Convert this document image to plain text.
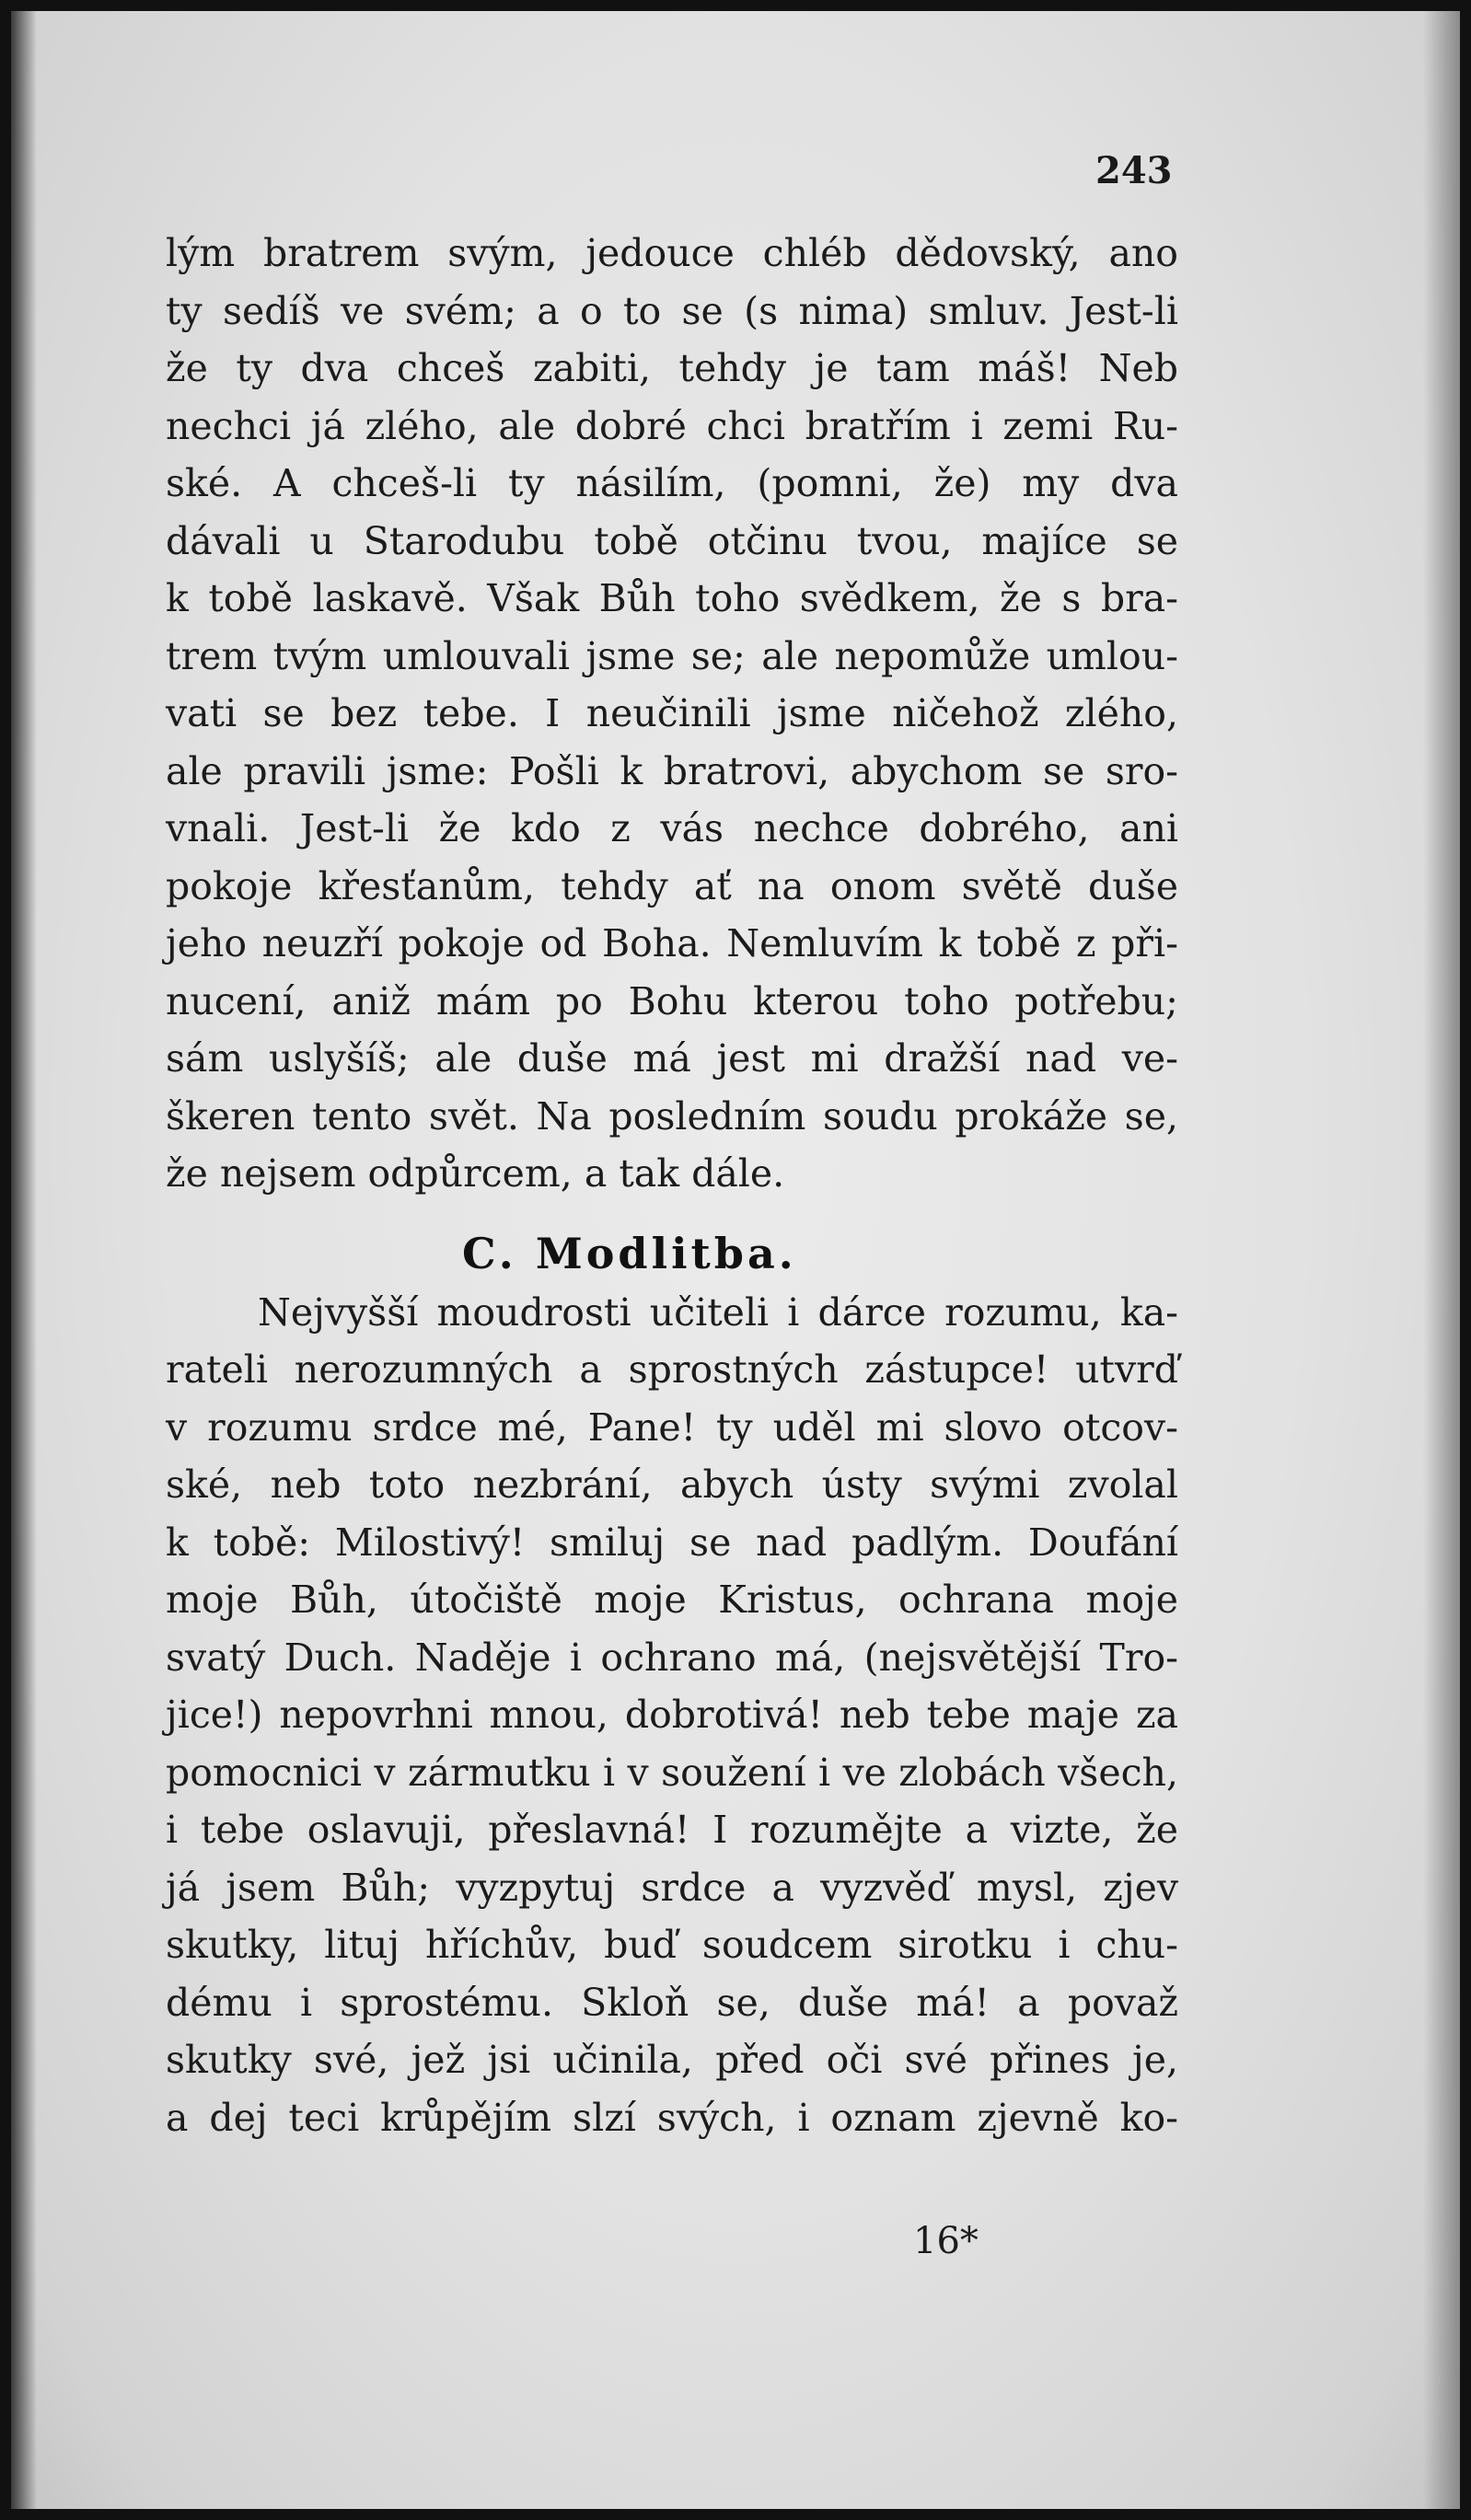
243
lým bratrem svým, jedouce chléb dědovský, ano
ty sedíš ve svém; a o to se (s nima) smluv. Jest-li
že ty dva chceš zabiti, tehdy je tam máš! Neb
nechci já zlého, ale dobré chci bratřím i zemi Ru-
ské. A chceš-li ty násilím, (pomni, že) my dva
dávali u Starodubu tobě otčinu tvou, majíce se
k tobě laskavě. Však Bůh toho svědkem, že s bra-
trem tvým umlouvali jsme se; ale nepomůže umlou-
vati se bez tebe. I neučinili jsme ničehož zlého,
ale pravili jsme: Pošli k bratrovi, abychom se sro-
vnali. Jest-li že kdo z vás nechce dobrého, ani
pokoje křesťanům, tehdy ať na onom světě duše
jeho neuzří pokoje od Boha. Nemluvím k tobě z při-
nucení, aniž mám po Bohu kterou toho potřebu;
sám uslyšíš; ale duše má jest mi dražší nad ve-
škeren tento svět. Na posledním soudu prokáže se,
že nejsem odpůrcem, a tak dále.
C. Modlitba.
Nejvyšší moudrosti učiteli i dárce rozumu, ka-
rateli nerozumných a sprostných zástupce! utvrď
v rozumu srdce mé, Pane! ty uděl mi slovo otcov-
ské, neb toto nezbrání, abych ústy svými zvolal
k tobě: Milostivý! smiluj se nad padlým. Doufání
moje Bůh, útočiště moje Kristus, ochrana moje
svatý Duch. Naděje i ochrano má, (nejsvětější Tro-
jice!) nepovrhni mnou, dobrotivá! neb tebe maje za
pomocnici v zármutku i v soužení i ve zlobách všech,
i tebe oslavuji, přeslavná! I rozumějte a vizte, že
já jsem Bůh; vyzpytuj srdce a vyzvěď mysl, zjev
skutky, lituj hříchův, buď soudcem sirotku i chu-
dému i sprostému. Skloň se, duše má! a považ
skutky své, jež jsi učinila, před oči své přines je,
a dej teci krůpějím slzí svých, i oznam zjevně ko-
16*
